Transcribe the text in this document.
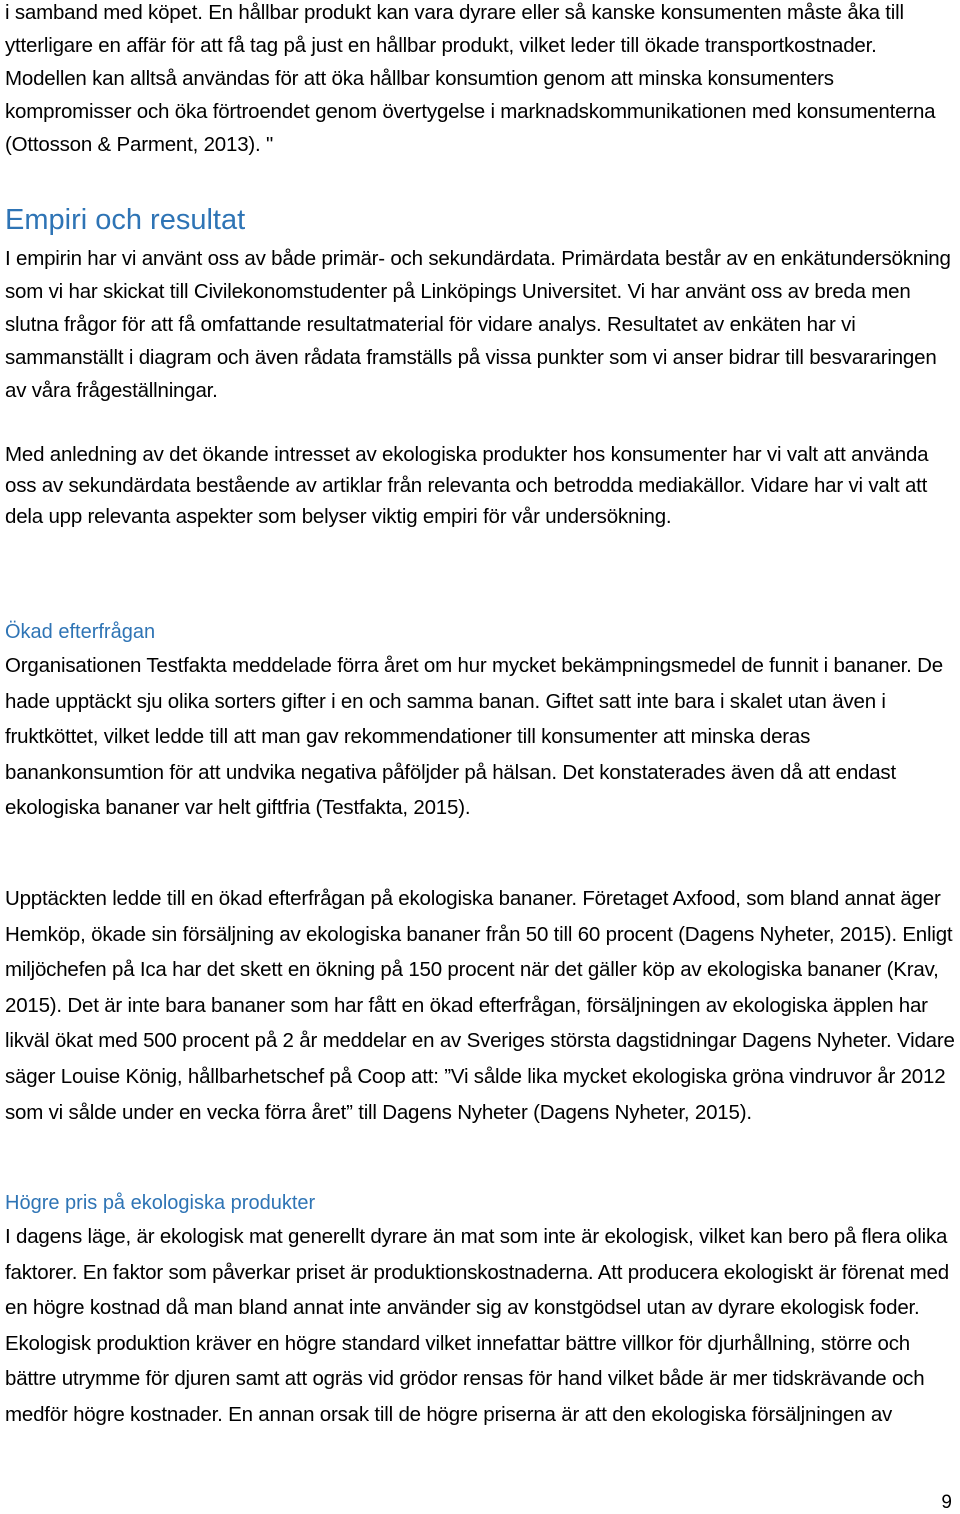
i samband med köpet. En hållbar produkt kan vara dyrare eller så kanske konsumenten måste åka till ytterligare en affär för att få tag på just en hållbar produkt, vilket leder till ökade transportkostnader. Modellen kan alltså användas för att öka hållbar konsumtion genom att minska konsumenters kompromisser och öka förtroendet genom övertygelse i marknadskommunikationen med konsumenterna (Ottosson & Parment, 2013). "

Empiri och resultat

I empirin har vi använt oss av både primär- och sekundärdata. Primärdata består av en enkätundersökning som vi har skickat till Civilekonomstudenter på Linköpings Universitet. Vi har använt oss av breda men slutna frågor för att få omfattande resultatmaterial för vidare analys. Resultatet av enkäten har vi sammanställt i diagram och även rådata framställs på vissa punkter som vi anser bidrar till besvararingen av våra frågeställningar.

Med anledning av det ökande intresset av ekologiska produkter hos konsumenter har vi valt att använda oss av sekundärdata bestående av artiklar från relevanta och betrodda mediakällor. Vidare har vi valt att dela upp relevanta aspekter som belyser viktig empiri för vår undersökning.

Ökad efterfrågan

Organisationen Testfakta meddelade förra året om hur mycket bekämpningsmedel de funnit i bananer. De hade upptäckt sju olika sorters gifter i en och samma banan. Giftet satt inte bara i skalet utan även i fruktköttet, vilket ledde till att man gav rekommendationer till konsumenter att minska deras banankonsumtion för att undvika negativa påföljder på hälsan. Det konstaterades även då att endast ekologiska bananer var helt giftfria (Testfakta, 2015).

Upptäckten ledde till en ökad efterfrågan på ekologiska bananer. Företaget Axfood, som bland annat äger Hemköp, ökade sin försäljning av ekologiska bananer från 50 till 60 procent (Dagens Nyheter, 2015). Enligt miljöchefen på Ica har det skett en ökning på 150 procent när det gäller köp av ekologiska bananer (Krav, 2015). Det är inte bara bananer som har fått en ökad efterfrågan, försäljningen av ekologiska äpplen har likväl ökat med 500 procent på 2 år meddelar en av Sveriges största dagstidningar Dagens Nyheter. Vidare säger Louise König, hållbarhetschef på Coop att: ”Vi sålde lika mycket ekologiska gröna vindruvor år 2012 som vi sålde under en vecka förra året” till Dagens Nyheter (Dagens Nyheter, 2015).

Högre pris på ekologiska produkter

I dagens läge, är ekologisk mat generellt dyrare än mat som inte är ekologisk, vilket kan bero på flera olika faktorer. En faktor som påverkar priset är produktionskostnaderna. Att producera ekologiskt är förenat med en högre kostnad då man bland annat inte använder sig av konstgödsel utan av dyrare ekologisk foder. Ekologisk produktion kräver en högre standard vilket innefattar bättre villkor för djurhållning, större och bättre utrymme för djuren samt att ogräs vid grödor rensas för hand vilket både är mer tidskrävande och medför högre kostnader. En annan orsak till de högre priserna är att den ekologiska försäljningen av

9
